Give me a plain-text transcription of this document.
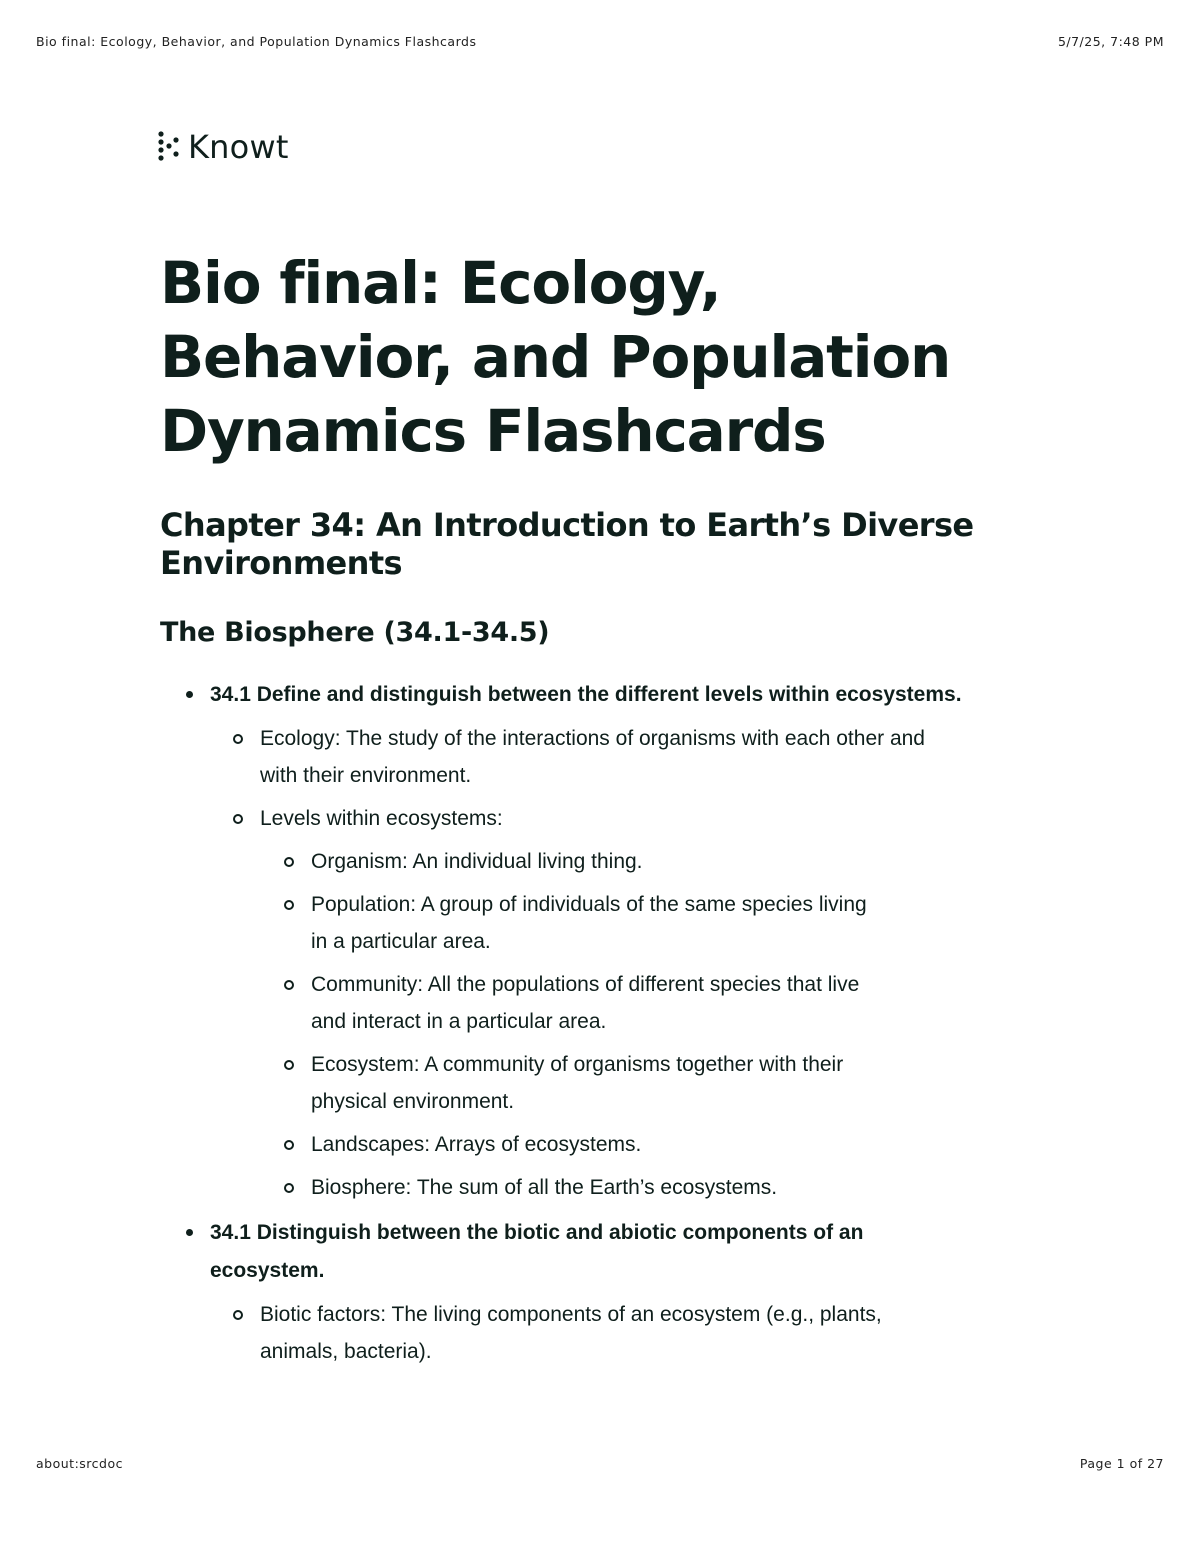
Bio final: Ecology, Behavior, and Population Dynamics Flashcards	5/7/25, 7:48 PM
Knowt
Bio final: Ecology, Behavior, and Population Dynamics Flashcards
Chapter 34: An Introduction to Earth’s Diverse Environments
The Biosphere (34.1-34.5)
34.1 Define and distinguish between the different levels within ecosystems.
Ecology: The study of the interactions of organisms with each other and with their environment.
Levels within ecosystems:
Organism: An individual living thing.
Population: A group of individuals of the same species living in a particular area.
Community: All the populations of different species that live and interact in a particular area.
Ecosystem: A community of organisms together with their physical environment.
Landscapes: Arrays of ecosystems.
Biosphere: The sum of all the Earth’s ecosystems.
34.1 Distinguish between the biotic and abiotic components of an ecosystem.
Biotic factors: The living components of an ecosystem (e.g., plants, animals, bacteria).
about:srcdoc	Page 1 of 27
